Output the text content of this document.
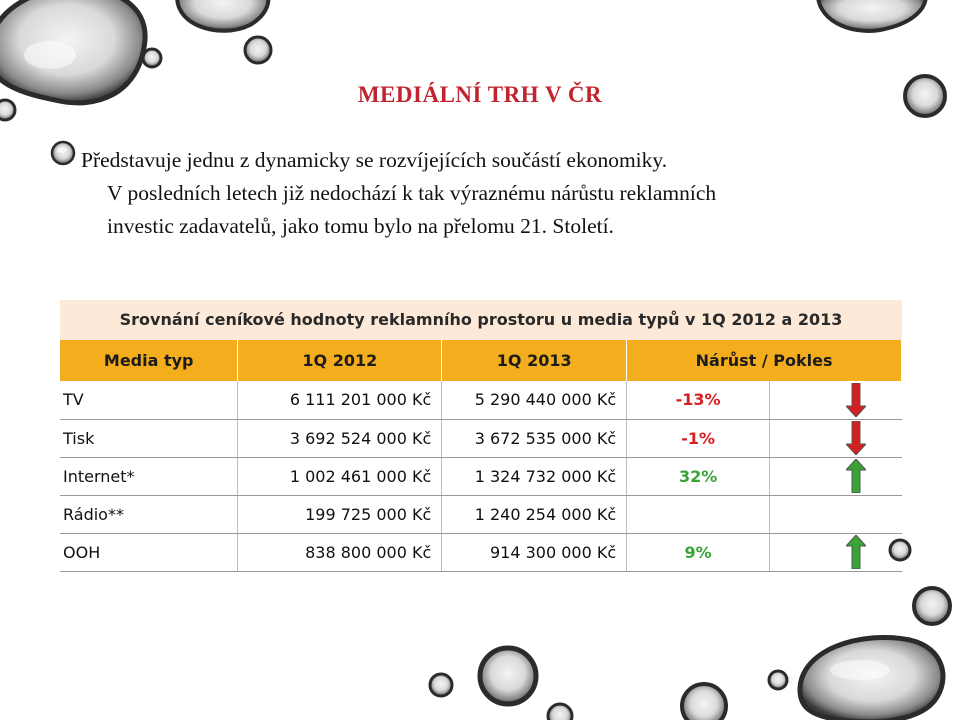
MEDIÁLNÍ TRH V ČR
Představuje jednu z dynamicky se rozvíjejících součástí ekonomiky.
V posledních letech již nedochází k tak výraznému nárůstu reklamních
investic zadavatelů, jako tomu bylo na přelomu 21. Století.
Srovnání ceníkové hodnoty reklamního prostoru u media typů v 1Q 2012 a 2013
Media typ	1Q 2012	1Q 2013	Nárůst / Pokles	
TV	6 111 201 000 Kč	5 290 440 000 Kč	-13%	
Tisk	3 692 524 000 Kč	3 672 535 000 Kč	-1%	
Internet*	1 002 461 000 Kč	1 324 732 000 Kč	32%	
Rádio**	199 725 000 Kč	1 240 254 000 Kč		
OOH	838 800 000 Kč	914 300 000 Kč	9%	
